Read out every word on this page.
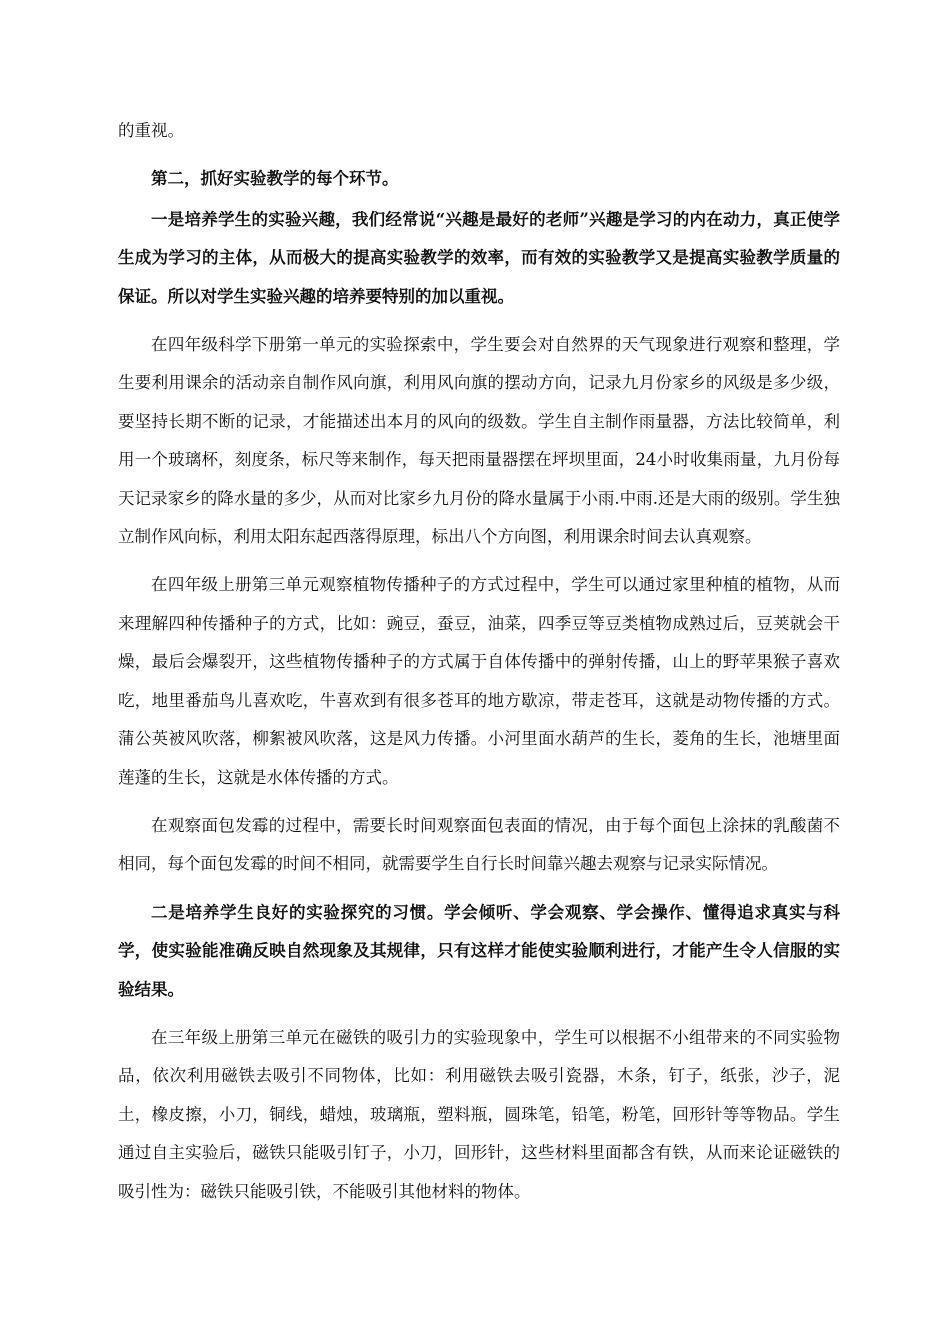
的重视。

第二，抓好实验教学的每个环节。

一是培养学生的实验兴趣，我们经常说“兴趣是最好的老师”兴趣是学习的内在动力，真正使学生成为学习的主体，从而极大的提高实验教学的效率，而有效的实验教学又是提高实验教学质量的保证。所以对学生实验兴趣的培养要特别的加以重视。

在四年级科学下册第一单元的实验探索中，学生要会对自然界的天气现象进行观察和整理，学生要利用课余的活动亲自制作风向旗，利用风向旗的摆动方向，记录九月份家乡的风级是多少级，要坚持长期不断的记录，才能描述出本月的风向的级数。学生自主制作雨量器，方法比较简单，利用一个玻璃杯，刻度条，标尺等来制作，每天把雨量器摆在坪坝里面，24小时收集雨量，九月份每天记录家乡的降水量的多少，从而对比家乡九月份的降水量属于小雨.中雨.还是大雨的级别。学生独立制作风向标，利用太阳东起西落得原理，标出八个方向图，利用课余时间去认真观察。

在四年级上册第三单元观察植物传播种子的方式过程中，学生可以通过家里种植的植物，从而来理解四种传播种子的方式，比如：豌豆，蚕豆，油菜，四季豆等豆类植物成熟过后，豆荚就会干燥，最后会爆裂开，这些植物传播种子的方式属于自体传播中的弹射传播，山上的野苹果猴子喜欢吃，地里番茄鸟儿喜欢吃，牛喜欢到有很多苍耳的地方歇凉，带走苍耳，这就是动物传播的方式。蒲公英被风吹落，柳絮被风吹落，这是风力传播。小河里面水葫芦的生长，菱角的生长，池塘里面莲蓬的生长，这就是水体传播的方式。

在观察面包发霉的过程中，需要长时间观察面包表面的情况，由于每个面包上涂抹的乳酸菌不相同，每个面包发霉的时间不相同，就需要学生自行长时间靠兴趣去观察与记录实际情况。

二是培养学生良好的实验探究的习惯。学会倾听、学会观察、学会操作、懂得追求真实与科学，使实验能准确反映自然现象及其规律，只有这样才能使实验顺利进行，才能产生令人信服的实验结果。

在三年级上册第三单元在磁铁的吸引力的实验现象中，学生可以根据不小组带来的不同实验物品，依次利用磁铁去吸引不同物体，比如：利用磁铁去吸引瓷器，木条，钉子，纸张，沙子，泥土，橡皮擦，小刀，铜线，蜡烛，玻璃瓶，塑料瓶，圆珠笔，铅笔，粉笔，回形针等等物品。学生通过自主实验后，磁铁只能吸引钉子，小刀，回形针，这些材料里面都含有铁，从而来论证磁铁的吸引性为：磁铁只能吸引铁，不能吸引其他材料的物体。
